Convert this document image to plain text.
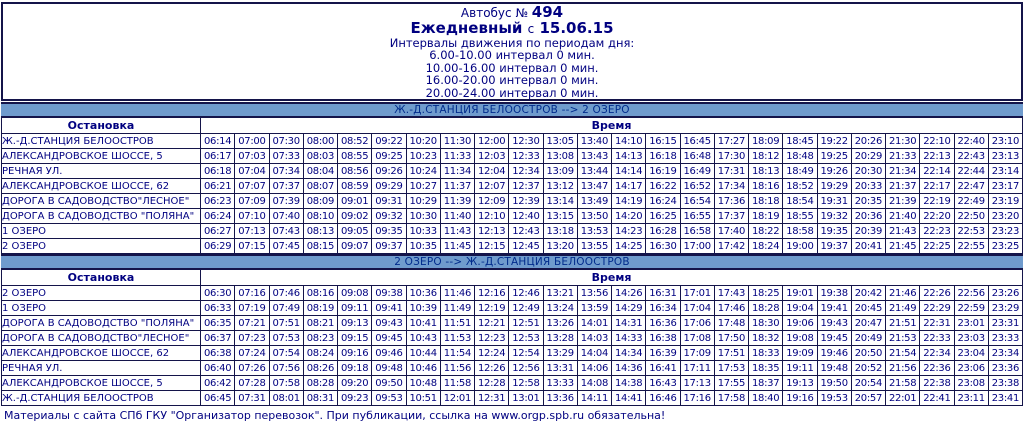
Автобус № 494
Ежедневный с 15.06.15
Интервалы движения по периодам дня:
6.00-10.00 интервал 0 мин.
10.00-16.00 интервал 0 мин.
16.00-20.00 интервал 0 мин.
20.00-24.00 интервал 0 мин.
Ж.-Д.СТАНЦИЯ БЕЛООСТРОВ --> 2 ОЗЕРО
Остановка	Время																							
Ж.-Д.СТАНЦИЯ БЕЛООСТРОВ	06:14	07:00	07:30	08:00	08:52	09:22	10:20	11:30	12:00	12:30	13:05	13:40	14:10	16:15	16:45	17:27	18:09	18:45	19:22	20:26	21:30	22:10	22:40	23:10
АЛЕКСАНДРОВСКОЕ ШОССЕ, 5	06:17	07:03	07:33	08:03	08:55	09:25	10:23	11:33	12:03	12:33	13:08	13:43	14:13	16:18	16:48	17:30	18:12	18:48	19:25	20:29	21:33	22:13	22:43	23:13
РЕЧНАЯ УЛ.	06:18	07:04	07:34	08:04	08:56	09:26	10:24	11:34	12:04	12:34	13:09	13:44	14:14	16:19	16:49	17:31	18:13	18:49	19:26	20:30	21:34	22:14	22:44	23:14
АЛЕКСАНДРОВСКОЕ ШОССЕ, 62	06:21	07:07	07:37	08:07	08:59	09:29	10:27	11:37	12:07	12:37	13:12	13:47	14:17	16:22	16:52	17:34	18:16	18:52	19:29	20:33	21:37	22:17	22:47	23:17
ДОРОГА В САДОВОДСТВО"ЛЕСНОЕ"	06:23	07:09	07:39	08:09	09:01	09:31	10:29	11:39	12:09	12:39	13:14	13:49	14:19	16:24	16:54	17:36	18:18	18:54	19:31	20:35	21:39	22:19	22:49	23:19
ДОРОГА В САДОВОДСТВО "ПОЛЯНА"	06:24	07:10	07:40	08:10	09:02	09:32	10:30	11:40	12:10	12:40	13:15	13:50	14:20	16:25	16:55	17:37	18:19	18:55	19:32	20:36	21:40	22:20	22:50	23:20
1 ОЗЕРО	06:27	07:13	07:43	08:13	09:05	09:35	10:33	11:43	12:13	12:43	13:18	13:53	14:23	16:28	16:58	17:40	18:22	18:58	19:35	20:39	21:43	22:23	22:53	23:23
2 ОЗЕРО	06:29	07:15	07:45	08:15	09:07	09:37	10:35	11:45	12:15	12:45	13:20	13:55	14:25	16:30	17:00	17:42	18:24	19:00	19:37	20:41	21:45	22:25	22:55	23:25
2 ОЗЕРО --> Ж.-Д.СТАНЦИЯ БЕЛООСТРОВ
Остановка	Время																							
2 ОЗЕРО	06:30	07:16	07:46	08:16	09:08	09:38	10:36	11:46	12:16	12:46	13:21	13:56	14:26	16:31	17:01	17:43	18:25	19:01	19:38	20:42	21:46	22:26	22:56	23:26
1 ОЗЕРО	06:33	07:19	07:49	08:19	09:11	09:41	10:39	11:49	12:19	12:49	13:24	13:59	14:29	16:34	17:04	17:46	18:28	19:04	19:41	20:45	21:49	22:29	22:59	23:29
ДОРОГА В САДОВОДСТВО "ПОЛЯНА"	06:35	07:21	07:51	08:21	09:13	09:43	10:41	11:51	12:21	12:51	13:26	14:01	14:31	16:36	17:06	17:48	18:30	19:06	19:43	20:47	21:51	22:31	23:01	23:31
ДОРОГА В САДОВОДСТВО"ЛЕСНОЕ"	06:37	07:23	07:53	08:23	09:15	09:45	10:43	11:53	12:23	12:53	13:28	14:03	14:33	16:38	17:08	17:50	18:32	19:08	19:45	20:49	21:53	22:33	23:03	23:33
АЛЕКСАНДРОВСКОЕ ШОССЕ, 62	06:38	07:24	07:54	08:24	09:16	09:46	10:44	11:54	12:24	12:54	13:29	14:04	14:34	16:39	17:09	17:51	18:33	19:09	19:46	20:50	21:54	22:34	23:04	23:34
РЕЧНАЯ УЛ.	06:40	07:26	07:56	08:26	09:18	09:48	10:46	11:56	12:26	12:56	13:31	14:06	14:36	16:41	17:11	17:53	18:35	19:11	19:48	20:52	21:56	22:36	23:06	23:36
АЛЕКСАНДРОВСКОЕ ШОССЕ, 5	06:42	07:28	07:58	08:28	09:20	09:50	10:48	11:58	12:28	12:58	13:33	14:08	14:38	16:43	17:13	17:55	18:37	19:13	19:50	20:54	21:58	22:38	23:08	23:38
Ж.-Д.СТАНЦИЯ БЕЛООСТРОВ	06:45	07:31	08:01	08:31	09:23	09:53	10:51	12:01	12:31	13:01	13:36	14:11	14:41	16:46	17:16	17:58	18:40	19:16	19:53	20:57	22:01	22:41	23:11	23:41
Материалы с сайта СПб ГКУ "Организатор перевозок". При публикации, ссылка на www.orgp.spb.ru обязательна!
